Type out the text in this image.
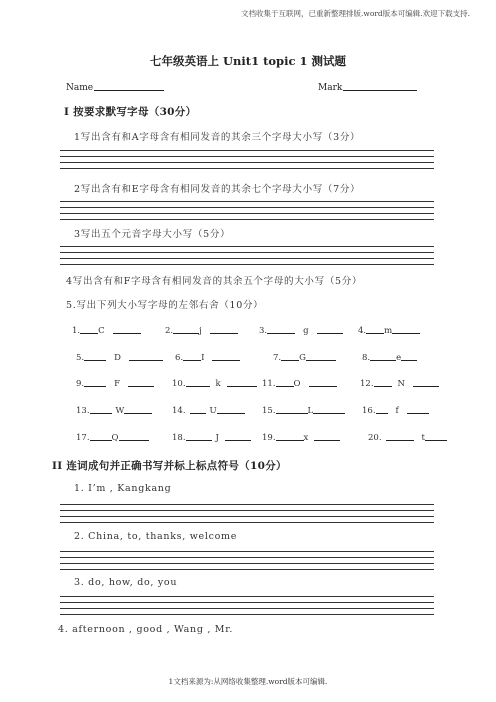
文档收集于互联网，已重新整理排版.word版本可编辑.欢迎下载支持.
七年级英语上 Unit1 topic 1 测试题
Name	Mark
I 按要求默写字母（30分）
1写出含有和A字母含有相同发音的其余三个字母大小写（3分）
2写出含有和E字母含有相同发音的其余七个字母大小写（7分）
3写出五个元音字母大小写（5分）
4写出含有和F字母含有相同发音的其余五个字母的大小写（5分）
5.写出下列大小写字母的左邻右舍（10分）
1. C	2.	j	3.	g	4. m
5.	D	6. I	7. G	8.	e
9.	F	10.	k	11. O	12.	N
13.	W	14.	U	15.	L	16. f
17.	Q	18.	J	19.	x	20.	t
II 连词成句并正确书写并标上标点符号（10分）
1. I’m , Kangkang
2. China, to, thanks, welcome
3. do, how, do, you
4. afternoon , good , Wang , Mr.
1文档来源为:从网络收集整理.word版本可编辑.
